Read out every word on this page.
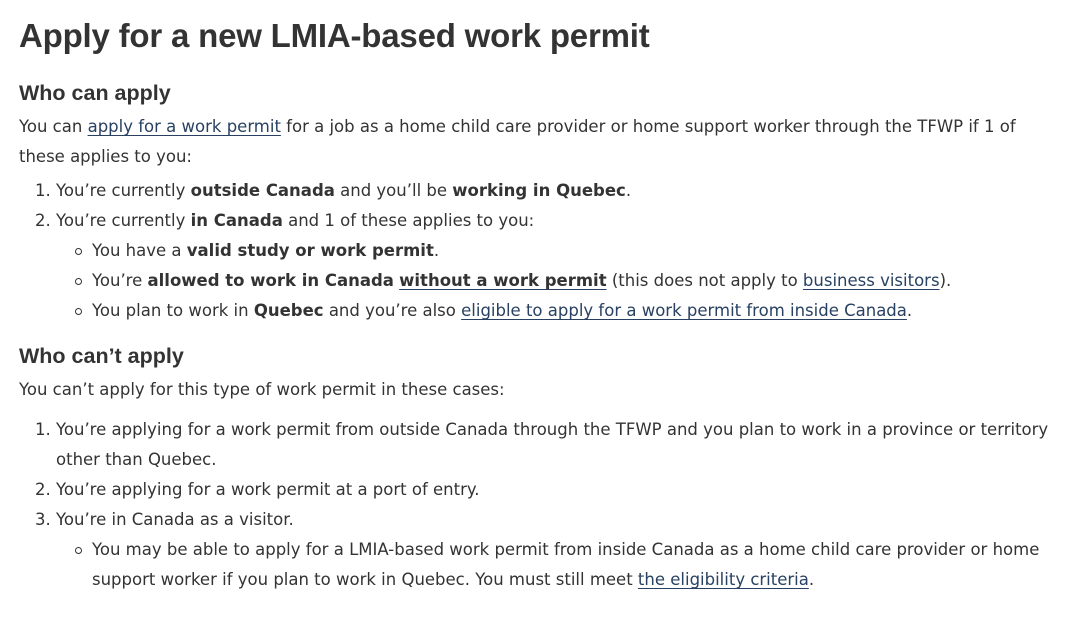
Apply for a new LMIA-based work permit
Who can apply

You can apply for a work permit for a job as a home child care provider or home support worker through the TFWP if 1 of these applies to you:

1. You’re currently outside Canada and you’ll be working in Quebec.
2. You’re currently in Canada and 1 of these applies to you:
You have a valid study or work permit.
You’re allowed to work in Canada without a work permit (this does not apply to business visitors).
You plan to work in Quebec and you’re also eligible to apply for a work permit from inside Canada.
Who can’t apply

You can’t apply for this type of work permit in these cases:

1. You’re applying for a work permit from outside Canada through the TFWP and you plan to work in a province or territory other than Quebec.
2. You’re applying for a work permit at a port of entry.
3. You’re in Canada as a visitor.
You may be able to apply for a LMIA-based work permit from inside Canada as a home child care provider or home support worker if you plan to work in Quebec. You must still meet the eligibility criteria.
